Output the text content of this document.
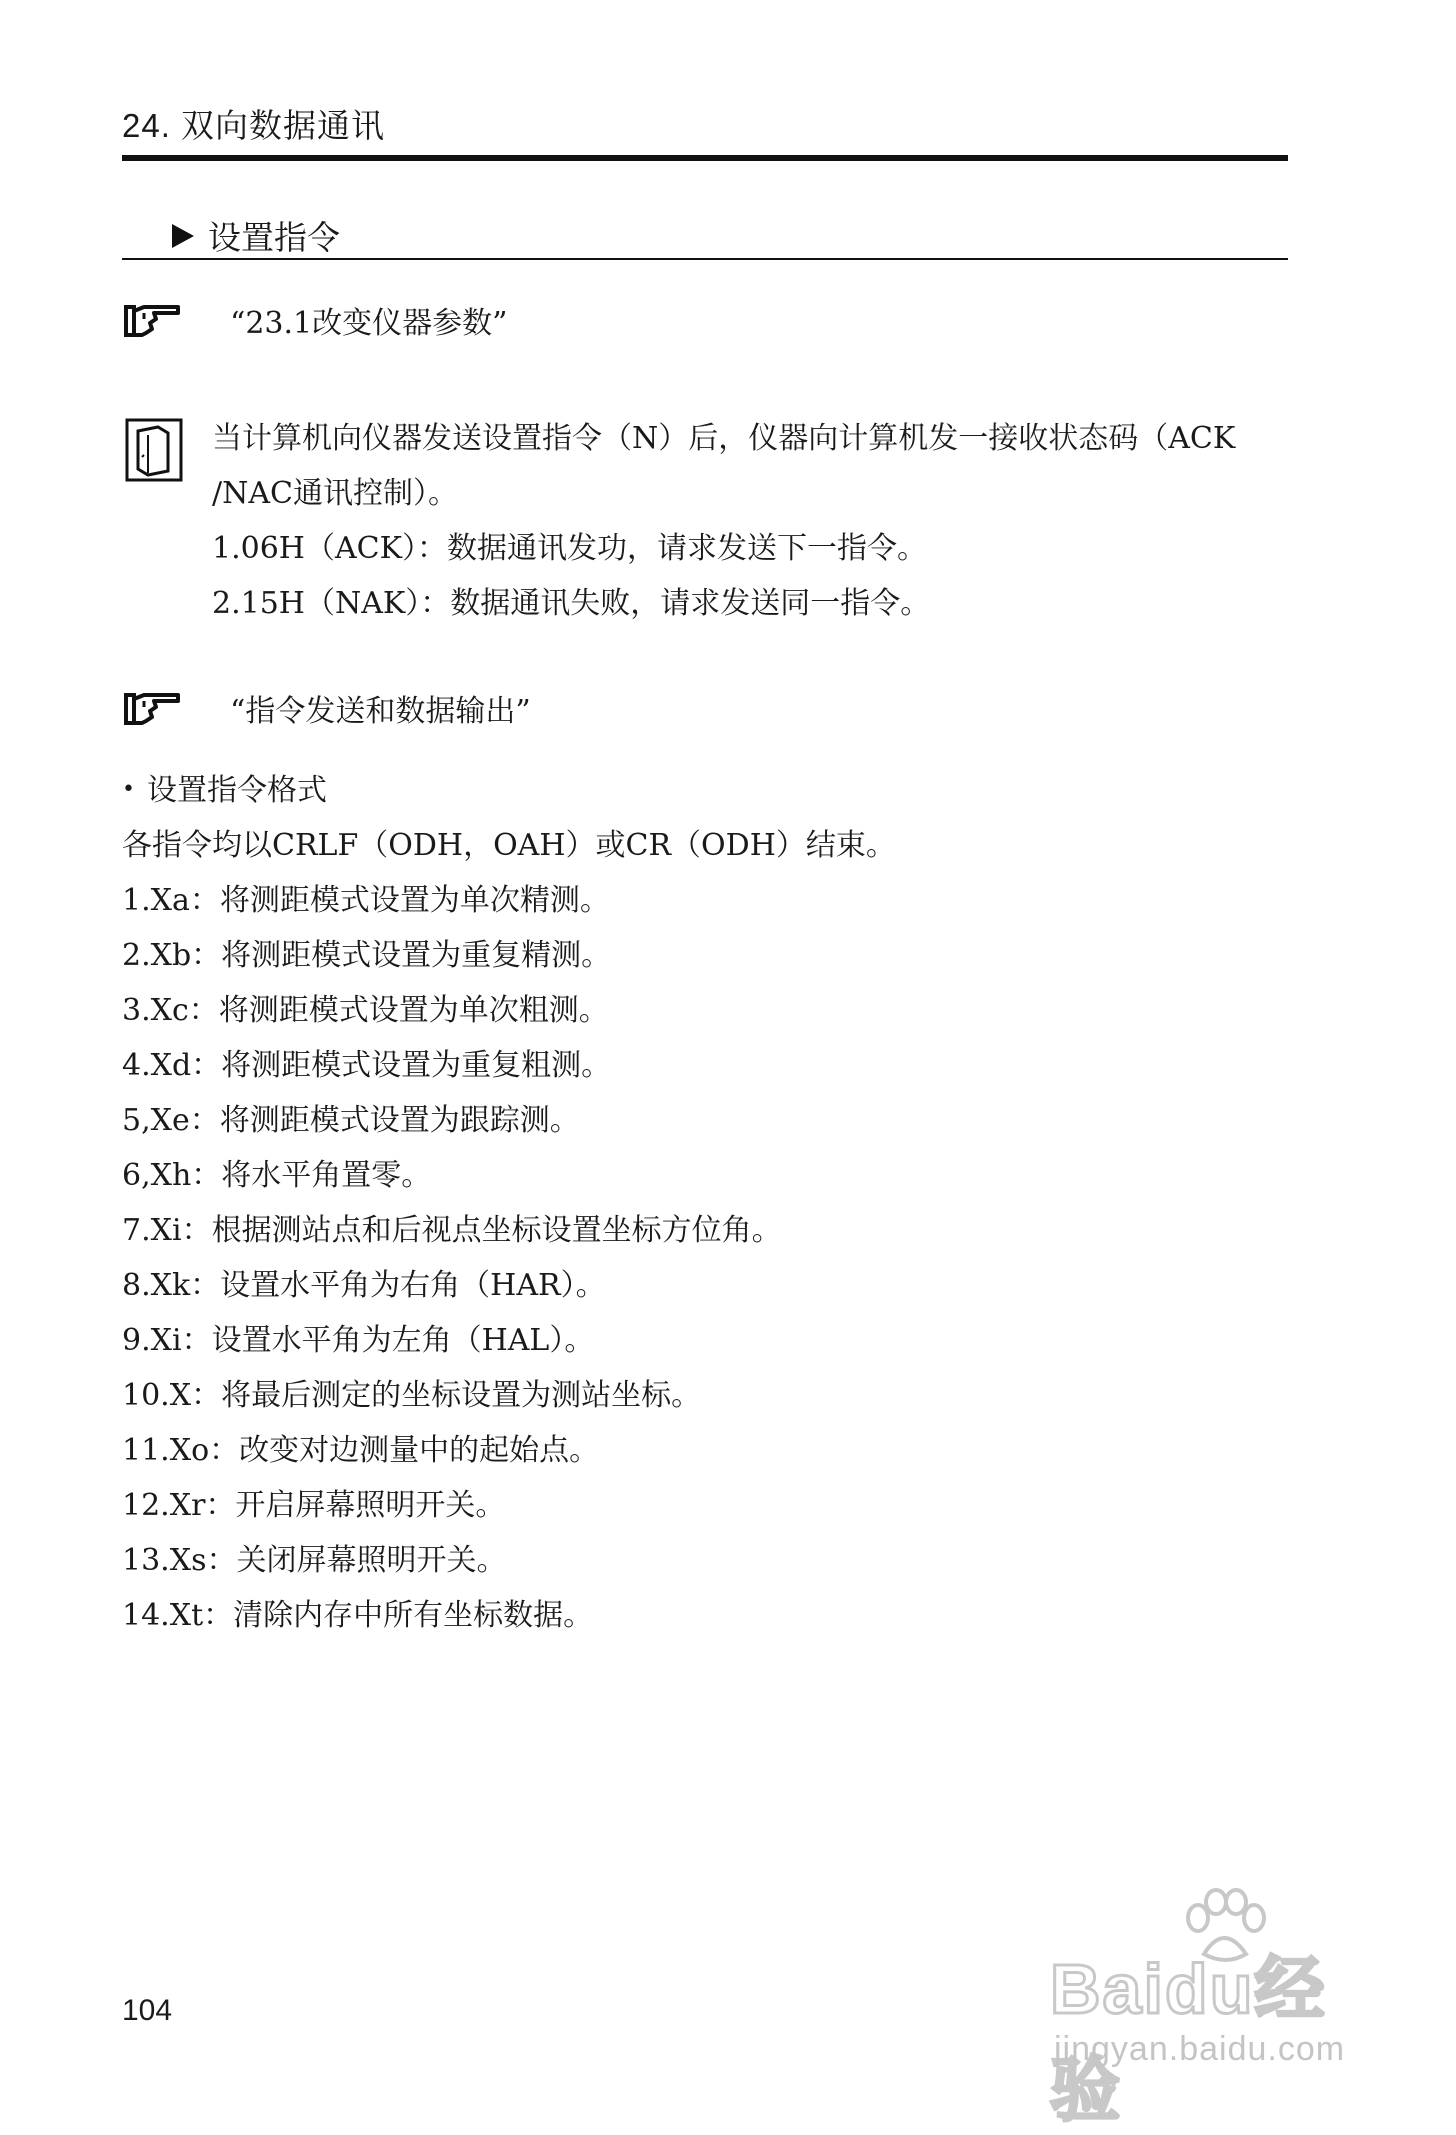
24. 双向数据通讯
设置指令
“23.1改变仪器参数”
当计算机向仪器发送设置指令（N）后，仪器向计算机发一接收状态码（ACK
/NAC通讯控制）。
1.06H（ACK）：数据通讯发功，请求发送下一指令。
2.15H（NAK）：数据通讯失败，请求发送同一指令。
“指令发送和数据输出”
• 设置指令格式
各指令均以CRLF（ODH，OAH）或CR（ODH）结束。
1.Xa：将测距模式设置为单次精测。
2.Xb：将测距模式设置为重复精测。
3.Xc：将测距模式设置为单次粗测。
4.Xd：将测距模式设置为重复粗测。
5,Xe：将测距模式设置为跟踪测。
6,Xh：将水平角置零。
7.Xi：根据测站点和后视点坐标设置坐标方位角。
8.Xk：设置水平角为右角（HAR）。
9.Xi：设置水平角为左角（HAL）。
10.X：将最后测定的坐标设置为测站坐标。
11.Xo：改变对边测量中的起始点。
12.Xr：开启屏幕照明开关。
13.Xs：关闭屏幕照明开关。
14.Xt：清除内存中所有坐标数据。
104	Baidu经验
jingyan.baidu.com
